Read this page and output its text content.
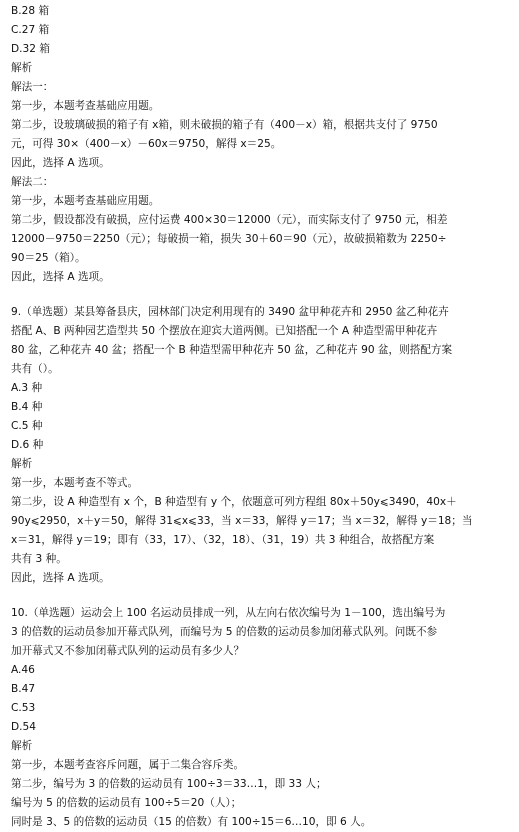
B.28 箱
C.27 箱
D.32 箱
解析
解法一：
第一步，本题考查基础应用题。
第二步，设玻璃破损的箱子有 x箱，则未破损的箱子有（400－x）箱，根据共支付了 9750
元，可得 30×（400－x）－60x＝9750，解得 x＝25。
因此，选择 A 选项。
解法二：
第一步，本题考查基础应用题。
第二步，假设都没有破损，应付运费 400×30＝12000（元），而实际支付了 9750 元，相差
12000－9750＝2250（元）；每破损一箱，损失 30＋60＝90（元），故破损箱数为 2250÷
90＝25（箱）。
因此，选择 A 选项。
9.（单选题）某县筹备县庆，园林部门决定利用现有的 3490 盆甲种花卉和 2950 盆乙种花卉
搭配 A、B 两种园艺造型共 50 个摆放在迎宾大道两侧。已知搭配一个 A 种造型需甲种花卉
80 盆，乙种花卉 40 盆；搭配一个 B 种造型需甲种花卉 50 盆，乙种花卉 90 盆，则搭配方案
共有（）。
A.3 种
B.4 种
C.5 种
D.6 种
解析
第一步，本题考查不等式。
第二步，设 A 种造型有 x 个，B 种造型有 y 个，依题意可列方程组 80x＋50y⩽3490，40x＋
90y⩽2950，x＋y＝50，解得 31⩽x⩽33，当 x＝33，解得 y＝17；当 x＝32，解得 y＝18；当
x＝31，解得 y＝19；即有（33，17）、（32，18）、（31，19）共 3 种组合，故搭配方案
共有 3 种。
因此，选择 A 选项。
10.（单选题）运动会上 100 名运动员排成一列，从左向右依次编号为 1－100，选出编号为
3 的倍数的运动员参加开幕式队列，而编号为 5 的倍数的运动员参加闭幕式队列。问既不参
加开幕式又不参加闭幕式队列的运动员有多少人？
A.46
B.47
C.53
D.54
解析
第一步，本题考查容斥问题，属于二集合容斥类。
第二步，编号为 3 的倍数的运动员有 100÷3＝33…1，即 33 人；
编号为 5 的倍数的运动员有 100÷5＝20（人）；
同时是 3、5 的倍数的运动员（15 的倍数）有 100÷15＝6…10，即 6 人。
